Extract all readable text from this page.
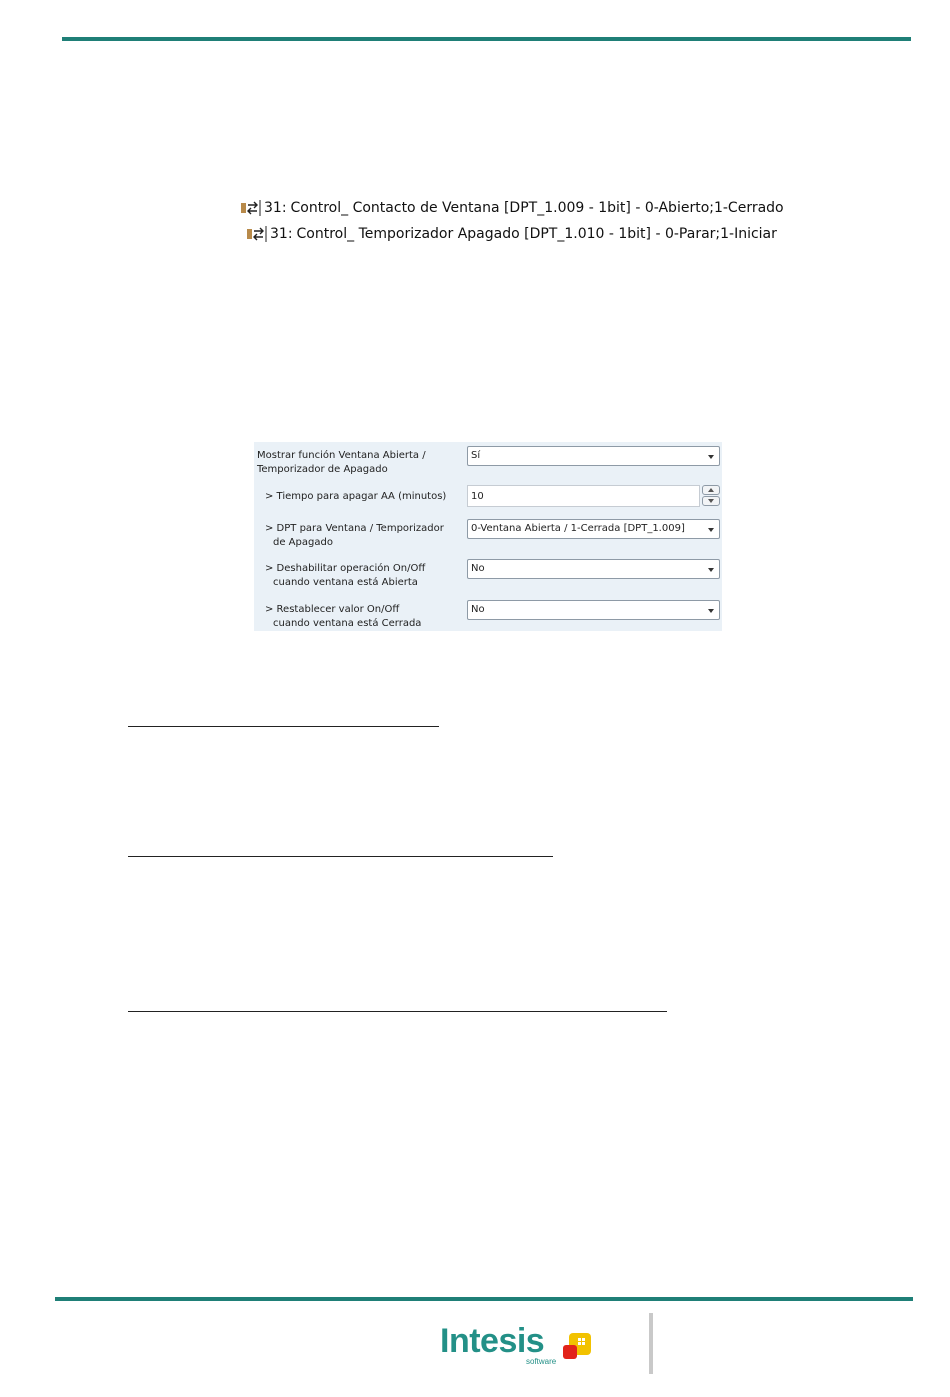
31: Control_ Contacto de Ventana [DPT_1.009 - 1bit] - 0-Abierto;1-Cerrado
31: Control_ Temporizador Apagado [DPT_1.010 - 1bit] - 0-Parar;1-Iniciar
Mostrar función Ventana Abierta /
Temporizador de Apagado
Sí
> Tiempo para apagar AA (minutos) 10
> DPT para Ventana / Temporizador
de Apagado
0-Ventana Abierta / 1-Cerrada [DPT_1.009]
> Deshabilitar operación On/Off
cuando ventana está Abierta
No
> Restablecer valor On/Off
cuando ventana está Cerrada
No
Intesis
software
